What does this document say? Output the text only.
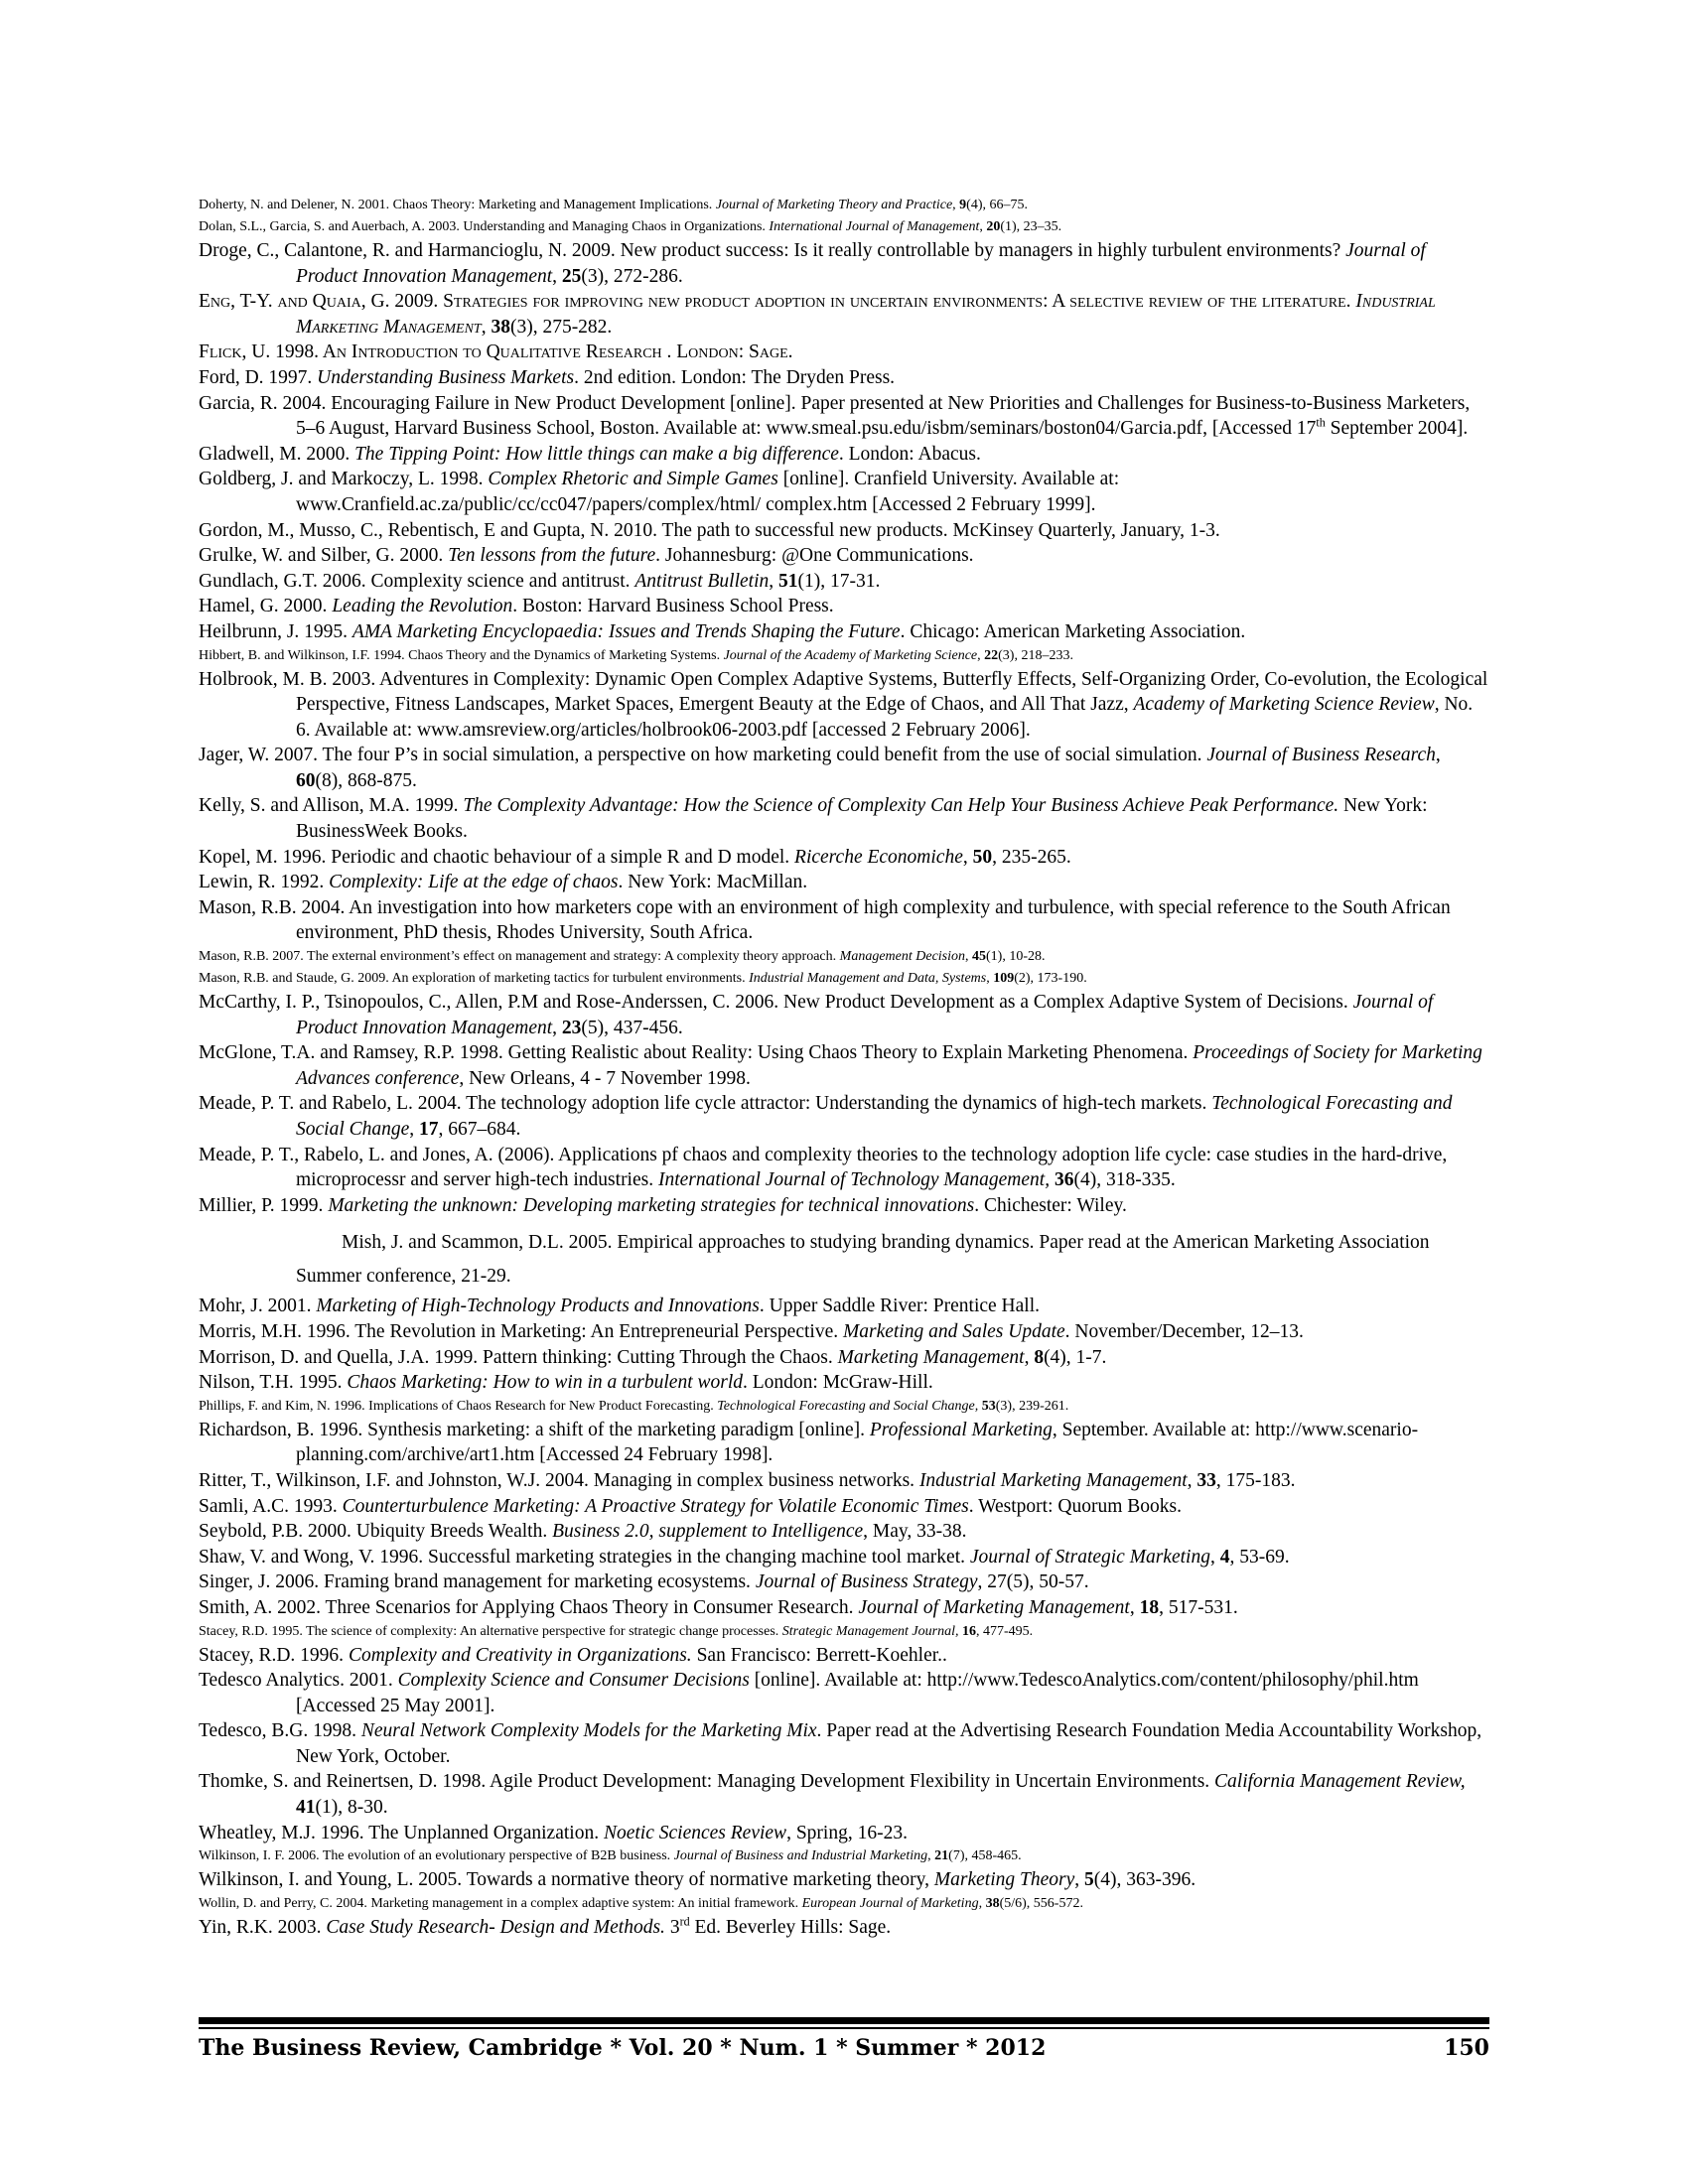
Doherty, N. and Delener, N. 2001. Chaos Theory: Marketing and Management Implications. Journal of Marketing Theory and Practice, 9(4), 66–75.

Dolan, S.L., Garcia, S. and Auerbach, A. 2003. Understanding and Managing Chaos in Organizations. International Journal of Management, 20(1), 23–35.

Droge, C., Calantone, R. and Harmancioglu, N. 2009. New product success: Is it really controllable by managers in highly turbulent environments? Journal of Product Innovation Management, 25(3), 272-286.

Eng, T-Y. and Quaia, G. 2009. Strategies for improving new product adoption in uncertain environments: A selective review of the literature. Industrial Marketing Management, 38(3), 275-282.

Flick, U. 1998. An Introduction to Qualitative Research . London: Sage.

Ford, D. 1997. Understanding Business Markets. 2nd edition. London: The Dryden Press.

Garcia, R. 2004. Encouraging Failure in New Product Development [online]. Paper presented at New Priorities and Challenges for Business-to-Business Marketers, 5–6 August, Harvard Business School, Boston. Available at: www.smeal.psu.edu/isbm/seminars/boston04/Garcia.pdf, [Accessed 17th September 2004].

Gladwell, M. 2000. The Tipping Point: How little things can make a big difference. London: Abacus.

Goldberg, J. and Markoczy, L. 1998. Complex Rhetoric and Simple Games [online]. Cranfield University. Available at: www.Cranfield.ac.za/public/cc/cc047/papers/complex/html/ complex.htm [Accessed 2 February 1999].

Gordon, M., Musso, C., Rebentisch, E and Gupta, N. 2010. The path to successful new products. McKinsey Quarterly, January, 1-3.

Grulke, W. and Silber, G. 2000. Ten lessons from the future. Johannesburg: @One Communications.

Gundlach, G.T. 2006. Complexity science and antitrust. Antitrust Bulletin, 51(1), 17-31.

Hamel, G. 2000. Leading the Revolution. Boston: Harvard Business School Press.

Heilbrunn, J. 1995. AMA Marketing Encyclopaedia: Issues and Trends Shaping the Future. Chicago: American Marketing Association.

Hibbert, B. and Wilkinson, I.F. 1994. Chaos Theory and the Dynamics of Marketing Systems. Journal of the Academy of Marketing Science, 22(3), 218–233.

Holbrook, M. B. 2003. Adventures in Complexity: Dynamic Open Complex Adaptive Systems, Butterfly Effects, Self-Organizing Order, Co-evolution, the Ecological Perspective, Fitness Landscapes, Market Spaces, Emergent Beauty at the Edge of Chaos, and All That Jazz, Academy of Marketing Science Review, No. 6. Available at: www.amsreview.org/articles/holbrook06-2003.pdf [accessed 2 February 2006].

Jager, W. 2007. The four P’s in social simulation, a perspective on how marketing could benefit from the use of social simulation. Journal of Business Research, 60(8), 868-875.

Kelly, S. and Allison, M.A. 1999. The Complexity Advantage: How the Science of Complexity Can Help Your Business Achieve Peak Performance. New York: BusinessWeek Books.

Kopel, M. 1996. Periodic and chaotic behaviour of a simple R and D model. Ricerche Economiche, 50, 235-265.

Lewin, R. 1992. Complexity: Life at the edge of chaos. New York: MacMillan.

Mason, R.B. 2004. An investigation into how marketers cope with an environment of high complexity and turbulence, with special reference to the South African environment, PhD thesis, Rhodes University, South Africa.

Mason, R.B. 2007. The external environment’s effect on management and strategy: A complexity theory approach. Management Decision, 45(1), 10-28.

Mason, R.B. and Staude, G. 2009. An exploration of marketing tactics for turbulent environments. Industrial Management and Data, Systems, 109(2), 173-190.

McCarthy, I. P., Tsinopoulos, C., Allen, P.M and Rose-Anderssen, C. 2006. New Product Development as a Complex Adaptive System of Decisions. Journal of Product Innovation Management, 23(5), 437-456.

McGlone, T.A. and Ramsey, R.P. 1998. Getting Realistic about Reality: Using Chaos Theory to Explain Marketing Phenomena. Proceedings of Society for Marketing Advances conference, New Orleans, 4 - 7 November 1998.

Meade, P. T. and Rabelo, L. 2004. The technology adoption life cycle attractor: Understanding the dynamics of high-tech markets. Technological Forecasting and Social Change, 17, 667–684.

Meade, P. T., Rabelo, L. and Jones, A. (2006). Applications pf chaos and complexity theories to the technology adoption life cycle: case studies in the hard-drive, microprocessr and server high-tech industries. International Journal of Technology Management, 36(4), 318-335.

Millier, P. 1999. Marketing the unknown: Developing marketing strategies for technical innovations. Chichester: Wiley.

Mish, J. and Scammon, D.L. 2005. Empirical approaches to studying branding dynamics. Paper read at the American Marketing Association Summer conference, 21-29.

Mohr, J. 2001. Marketing of High-Technology Products and Innovations. Upper Saddle River: Prentice Hall.

Morris, M.H. 1996. The Revolution in Marketing: An Entrepreneurial Perspective. Marketing and Sales Update. November/December, 12–13.

Morrison, D. and Quella, J.A. 1999. Pattern thinking: Cutting Through the Chaos. Marketing Management, 8(4), 1-7.

Nilson, T.H. 1995. Chaos Marketing: How to win in a turbulent world. London: McGraw-Hill.

Phillips, F. and Kim, N. 1996. Implications of Chaos Research for New Product Forecasting. Technological Forecasting and Social Change, 53(3), 239-261.

Richardson, B. 1996. Synthesis marketing: a shift of the marketing paradigm [online]. Professional Marketing, September. Available at: http://www.scenario-planning.com/archive/art1.htm [Accessed 24 February 1998].

Ritter, T., Wilkinson, I.F. and Johnston, W.J. 2004. Managing in complex business networks. Industrial Marketing Management, 33, 175-183.

Samli, A.C. 1993. Counterturbulence Marketing: A Proactive Strategy for Volatile Economic Times. Westport: Quorum Books.

Seybold, P.B. 2000. Ubiquity Breeds Wealth. Business 2.0, supplement to Intelligence, May, 33-38.

Shaw, V. and Wong, V. 1996. Successful marketing strategies in the changing machine tool market. Journal of Strategic Marketing, 4, 53-69.

Singer, J. 2006. Framing brand management for marketing ecosystems. Journal of Business Strategy, 27(5), 50-57.

Smith, A. 2002. Three Scenarios for Applying Chaos Theory in Consumer Research. Journal of Marketing Management, 18, 517-531.

Stacey, R.D. 1995. The science of complexity: An alternative perspective for strategic change processes. Strategic Management Journal, 16, 477-495.

Stacey, R.D. 1996. Complexity and Creativity in Organizations. San Francisco: Berrett-Koehler..

Tedesco Analytics. 2001. Complexity Science and Consumer Decisions [online]. Available at: http://www.TedescoAnalytics.com/content/philosophy/phil.htm [Accessed 25 May 2001].

Tedesco, B.G. 1998. Neural Network Complexity Models for the Marketing Mix. Paper read at the Advertising Research Foundation Media Accountability Workshop, New York, October.

Thomke, S. and Reinertsen, D. 1998. Agile Product Development: Managing Development Flexibility in Uncertain Environments. California Management Review, 41(1), 8-30.

Wheatley, M.J. 1996. The Unplanned Organization. Noetic Sciences Review, Spring, 16-23.

Wilkinson, I. F. 2006. The evolution of an evolutionary perspective of B2B business. Journal of Business and Industrial Marketing, 21(7), 458-465.

Wilkinson, I. and Young, L. 2005. Towards a normative theory of normative marketing theory, Marketing Theory, 5(4), 363-396.

Wollin, D. and Perry, C. 2004. Marketing management in a complex adaptive system: An initial framework. European Journal of Marketing, 38(5/6), 556-572.

Yin, R.K. 2003. Case Study Research- Design and Methods. 3rd Ed. Beverley Hills: Sage.

The Business Review, Cambridge * Vol. 20 * Num. 1 * Summer * 2012	150
